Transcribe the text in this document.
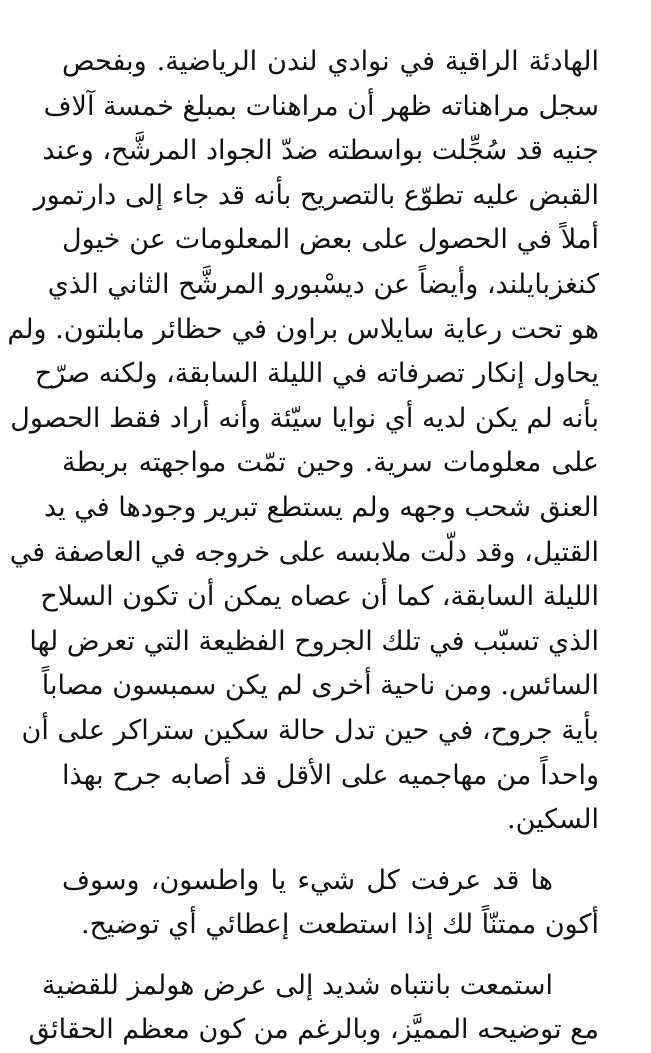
الهادئة الراقية في نوادي لندن الرياضية. وبفحص
سجل مراهناته ظهر أن مراهنات بمبلغ خمسة آلاف
جنيه قد سُجِّلت بواسطته ضدّ الجواد المرشَّح، وعند
القبض عليه تطوّع بالتصريح بأنه قد جاء إلى دارتمور
أملاً في الحصول على بعض المعلومات عن خيول
كنغزبايلند، وأيضاً عن ديسْبورو المرشَّح الثاني الذي
هو تحت رعاية سايلاس براون في حظائر مابلتون. ولم
يحاول إنكار تصرفاته في الليلة السابقة، ولكنه صرّح
بأنه لم يكن لديه أي نوايا سيّئة وأنه أراد فقط الحصول
على معلومات سرية. وحين تمّت مواجهته بربطة
العنق شحب وجهه ولم يستطع تبرير وجودها في يد
القتيل، وقد دلّت ملابسه على خروجه في العاصفة في
الليلة السابقة، كما أن عصاه يمكن أن تكون السلاح
الذي تسبّب في تلك الجروح الفظيعة التي تعرض لها
السائس. ومن ناحية أخرى لم يكن سمبسون مصاباً
بأية جروح، في حين تدل حالة سكين ستراكر على أن
واحداً من مهاجميه على الأقل قد أصابه جرح بهذا
السكين.

ها قد عرفت كل شيء يا واطسون، وسوف
أكون ممتنّاً لك إذا استطعت إعطائي أي توضيح.

استمعت بانتباه شديد إلى عرض هولمز للقضية
مع توضيحه المميَّز، وبالرغم من كون معظم الحقائق
